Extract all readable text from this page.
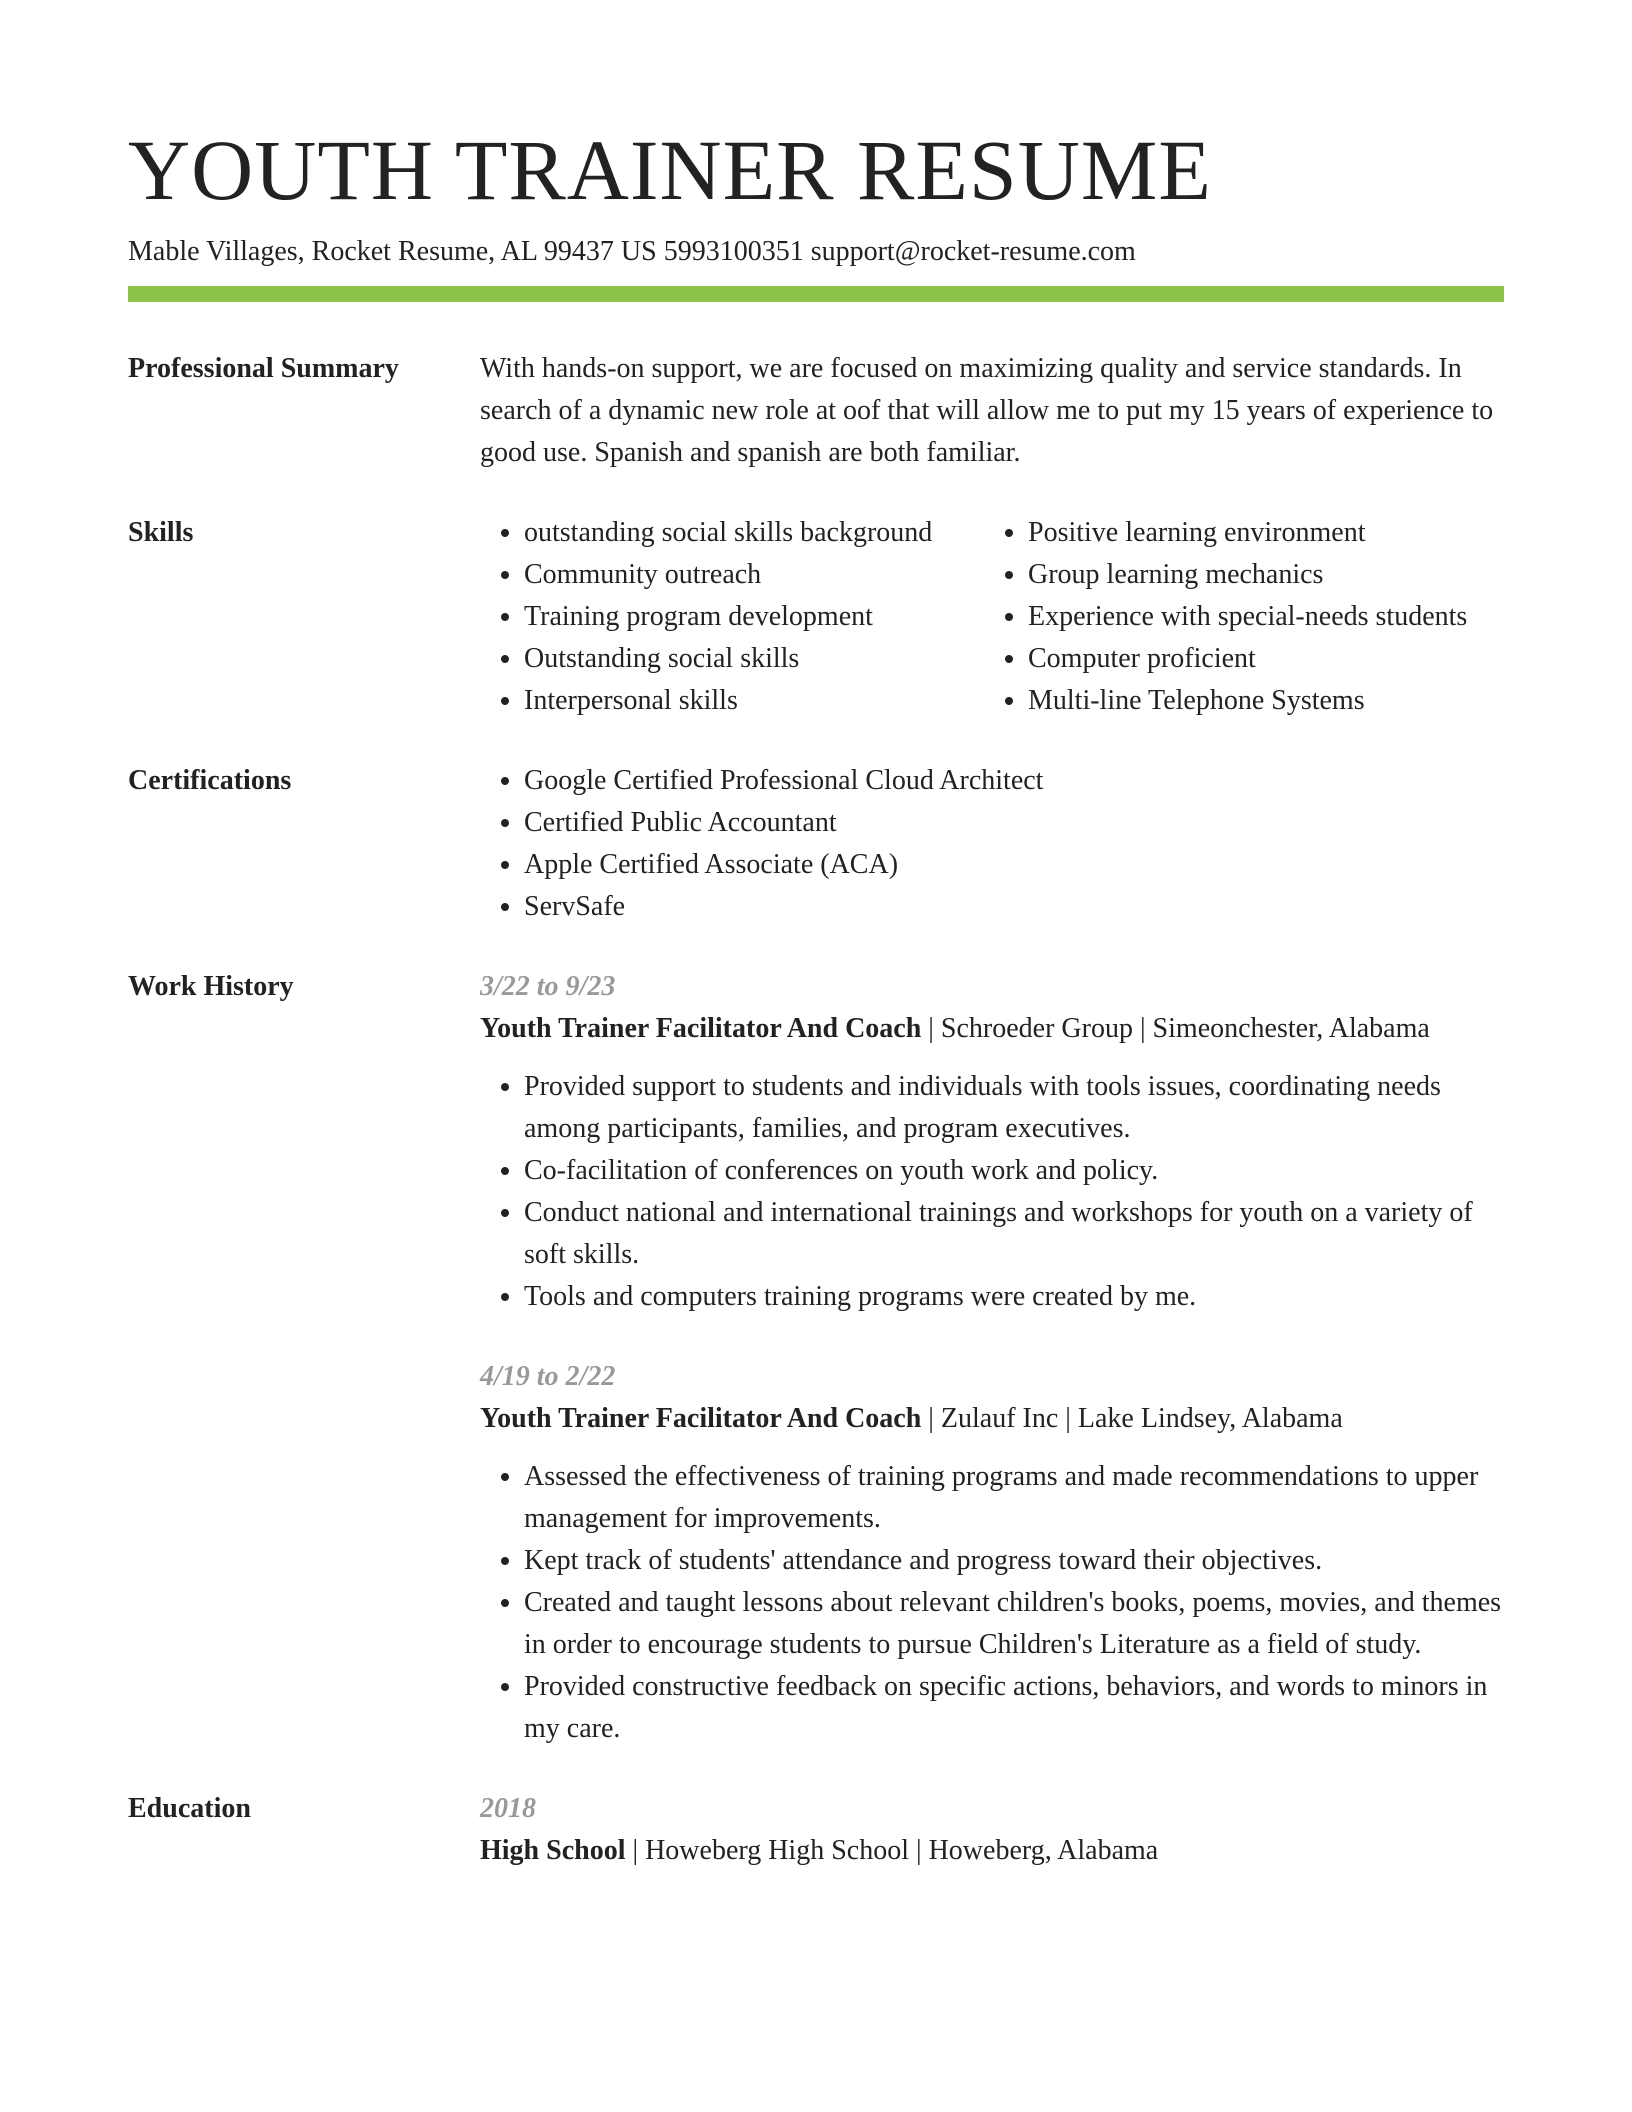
YOUTH TRAINER RESUME
Mable Villages, Rocket Resume, AL 99437 US 5993100351 support@rocket-resume.com
Professional Summary	With hands-on support, we are focused on maximizing quality and service standards. In search of a dynamic new role at oof that will allow me to put my 15 years of experience to good use. Spanish and spanish are both familiar.

Skills	• outstanding social skills background
• Community outreach
• Training program development
• Outstanding social skills
• Interpersonal skills
• Positive learning environment
• Group learning mechanics
• Experience with special-needs students
• Computer proficient
• Multi-line Telephone Systems
Certifications	• Google Certified Professional Cloud Architect
• Certified Public Accountant
• Apple Certified Associate (ACA)
• ServSafe
Work History	3/22 to 9/23
Youth Trainer Facilitator And Coach | Schroeder Group | Simeonchester, Alabama
• Provided support to students and individuals with tools issues, coordinating needs among participants, families, and program executives.
• Co-facilitation of conferences on youth work and policy.
• Conduct national and international trainings and workshops for youth on a variety of soft skills.
• Tools and computers training programs were created by me.
4/19 to 2/22
Youth Trainer Facilitator And Coach | Zulauf Inc | Lake Lindsey, Alabama
• Assessed the effectiveness of training programs and made recommendations to upper management for improvements.
• Kept track of students' attendance and progress toward their objectives.
• Created and taught lessons about relevant children's books, poems, movies, and themes in order to encourage students to pursue Children's Literature as a field of study.
• Provided constructive feedback on specific actions, behaviors, and words to minors in my care.
Education	2018
High School | Howeberg High School | Howeberg, Alabama
